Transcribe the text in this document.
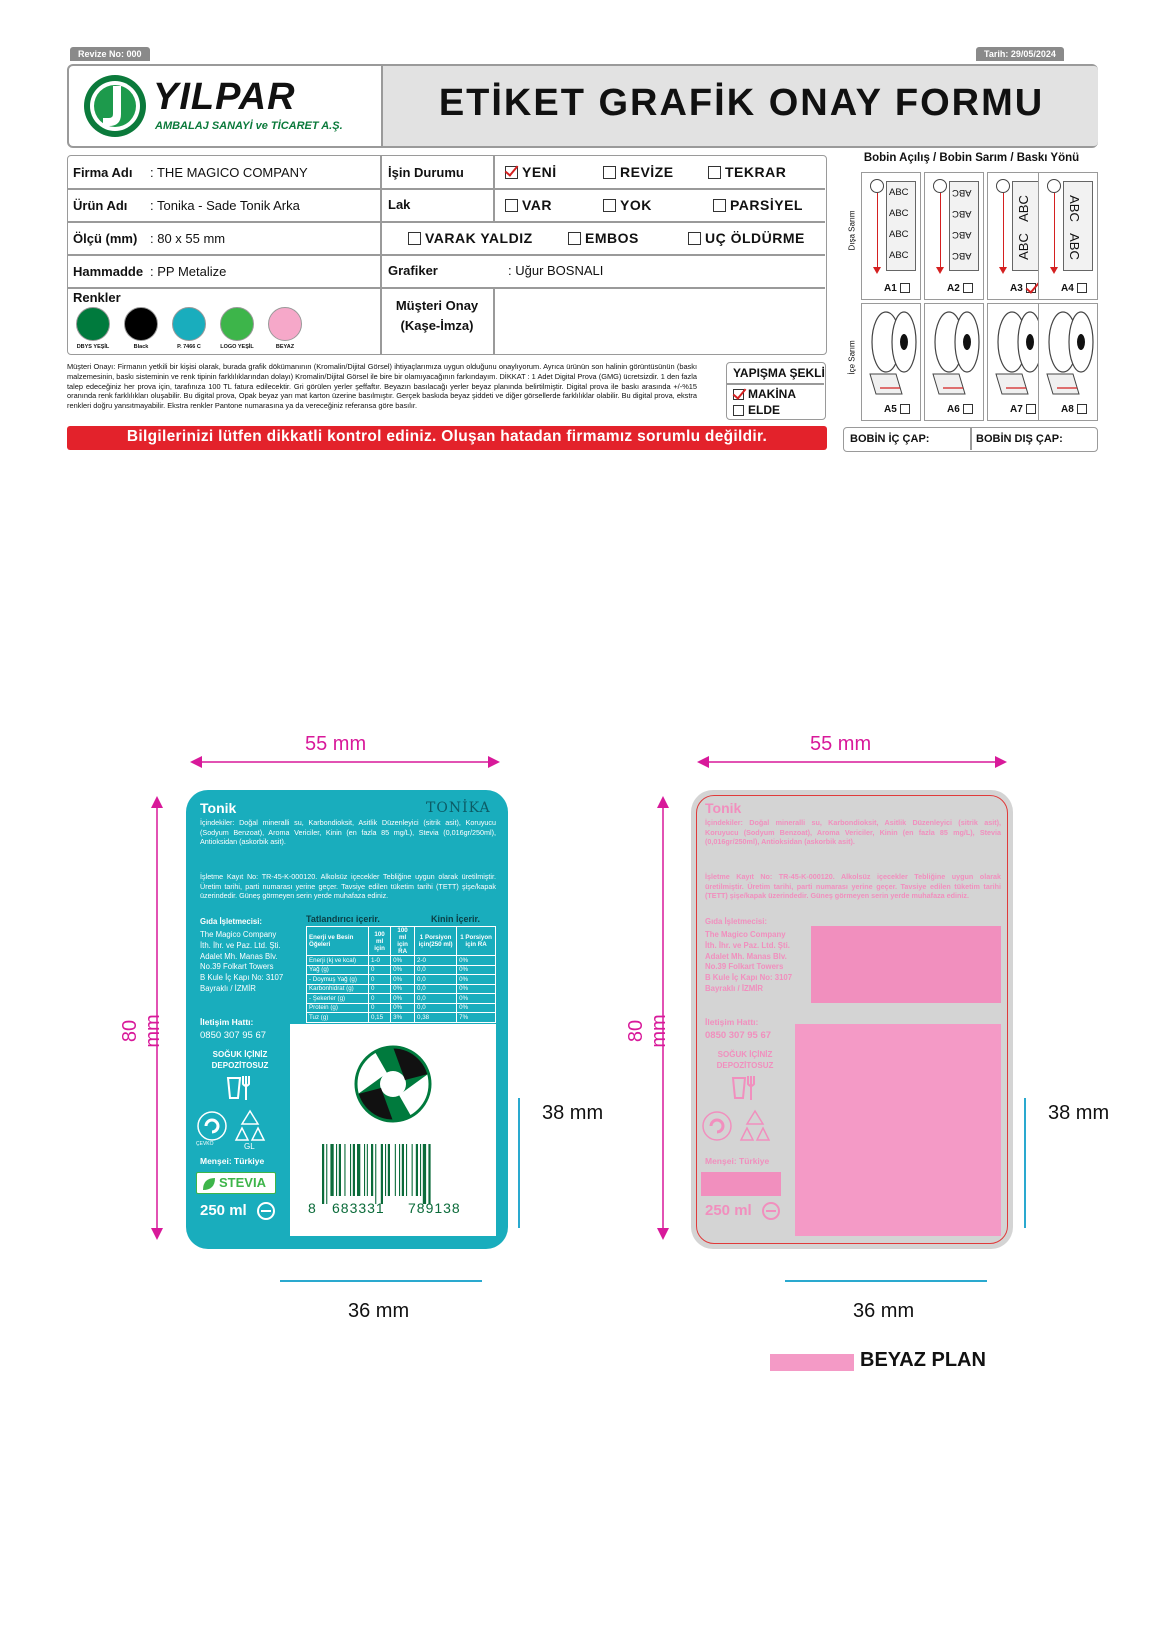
Revize No: 000	Tarih: 29/05/2024
YILPAR
AMBALAJ SANAYİ ve TİCARET A.Ş.
ETİKET GRAFİK ONAY FORMU
Firma Adı : THE MAGICO COMPANY	İşin Durumu	YENİ	REVİZE	TEKRAR
Ürün Adı : Tonika - Sade Tonik Arka	Lak	VAR	YOK	PARSİYEL
Ölçü (mm) : 80 x 55 mm	VARAK YALDIZ	EMBOS	UÇ ÖLDÜRME
Hammadde : PP Metalize	Grafiker	: Uğur BOSNALI
Renkler
DBYS YEŞİL	Black	P. 7466 C	LOGO YEŞİL	BEYAZ
Müşteri Onay
(Kaşe-İmza)
Müşteri Onayı: Firmanın yetkili bir kişisi olarak, burada grafik dökümanının (Kromalin/Dijital Görsel) ihtiyaçlarımıza uygun olduğunu onaylıyorum. Ayrıca ürünün son halinin görüntüsünün (baskı malzemesinin, baskı sisteminin ve renk tipinin farklılıklarından dolayı) Kromalin/Dijital Görsel ile bire bir olamıyacağının farkındayım. DİKKAT : 1 Adet Digital Prova (GMG) ücretsizdir. 1 den fazla talep edeceğiniz her prova için, tarafınıza 100 TL fatura edilecektir. Gri görülen yerler şeffaftır. Beyazın basılacağı yerler beyaz planında belirtilmiştir. Digital prova ile baskı arasında +/-%15 oranında renk farklılıkları oluşabilir. Bu digital prova, Opak beyaz yarı mat karton üzerine basılmıştır. Gerçek baskıda beyaz şiddeti ve diğer görsellerde farklılıklar olabilir. Bu digital prova, ekstra renkleri doğru yansıtmayabilir. Ekstra renkler Pantone numarasına ya da vereceğiniz referansa göre basılır.
YAPIŞMA ŞEKLİ
MAKİNA
ELDE
Bilgilerinizi lütfen dikkatli kontrol ediniz. Oluşan hatadan firmamız sorumlu değildir.
Bobin Açılış / Bobin Sarım / Baskı Yönü
Dışa Sarım
İçe Sarım
ABC
ABC
ABC
ABC
A1
ABC
ABC
ABC
ABC
A2
ABC
ABC
A3
ABC
ABC
A4
A5	A6	A7	A8
BOBİN İÇ ÇAP:	BOBİN DIŞ ÇAP:
55 mm
80 mm
Tonik	TONİKA
İçindekiler: Doğal mineralli su, Karbondioksit, Asitlik Düzenleyici (sitrik asit), Koruyucu (Sodyum Benzoat), Aroma Vericiler, Kinin (en fazla 85 mg/L), Stevia (0,016gr/250ml), Antioksidan (askorbik asit).
İşletme Kayıt No: TR-45-K-000120. Alkolsüz içecekler Tebliğine uygun olarak üretilmiştir. Üretim tarihi, parti numarası yerine geçer. Tavsiye edilen tüketim tarihi (TETT) şişe/kapak üzerindedir. Güneş görmeyen serin yerde muhafaza ediniz.
Gıda İşletmecisi:
The Magico Company
İth. İhr. ve Paz. Ltd. Şti.
Adalet Mh. Manas Blv.
No.39 Folkart Towers
B Kule İç Kapı No: 3107
Bayraklı / İZMİR
İletişim Hattı:
0850 307 95 67
SOĞUK İÇİNİZ
DEPOZİTOSUZ
ÇEVKO	GL
Menşei: Türkiye
STEVIA
250 ml
Tatlandırıcı içerir.	Kinin İçerir.
Enerji ve Besin Öğeleri	100 ml için	100 ml için RA	1 Porsiyon için(250 ml)	1 Porsiyon için RA
Enerji (kj ve kcal)	1-0	0%	2-0	0%
Yağ (g)	0	0%	0,0	0%
- Doymuş Yağ (g)	0	0%	0,0	0%
Karbonhidrat (g)	0	0%	0,0	0%
- Şekerler (g)	0	0%	0,0	0%
Protein (g)	0	0%	0,0	0%
Tuz (g)	0,15	3%	0,38	7%
8 683331 789138
38 mm
36 mm
55 mm
80 mm
Tonik
İçindekiler: Doğal mineralli su, Karbondioksit, Asitlik Düzenleyici (sitrik asit), Koruyucu (Sodyum Benzoat), Aroma Vericiler, Kinin (en fazla 85 mg/L), Stevia (0,016gr/250ml), Antioksidan (askorbik asit).
İşletme Kayıt No: TR-45-K-000120. Alkolsüz içecekler Tebliğine uygun olarak üretilmiştir. Üretim tarihi, parti numarası yerine geçer. Tavsiye edilen tüketim tarihi (TETT) şişe/kapak üzerindedir. Güneş görmeyen serin yerde muhafaza ediniz.
Gıda İşletmecisi:
The Magico Company
İth. İhr. ve Paz. Ltd. Şti.
Adalet Mh. Manas Blv.
No.39 Folkart Towers
B Kule İç Kapı No: 3107
Bayraklı / İZMİR
İletişim Hattı:
0850 307 95 67
SOĞUK İÇİNİZ
DEPOZİTOSUZ
Menşei: Türkiye
250 ml

38 mm
36 mm
BEYAZ PLAN
